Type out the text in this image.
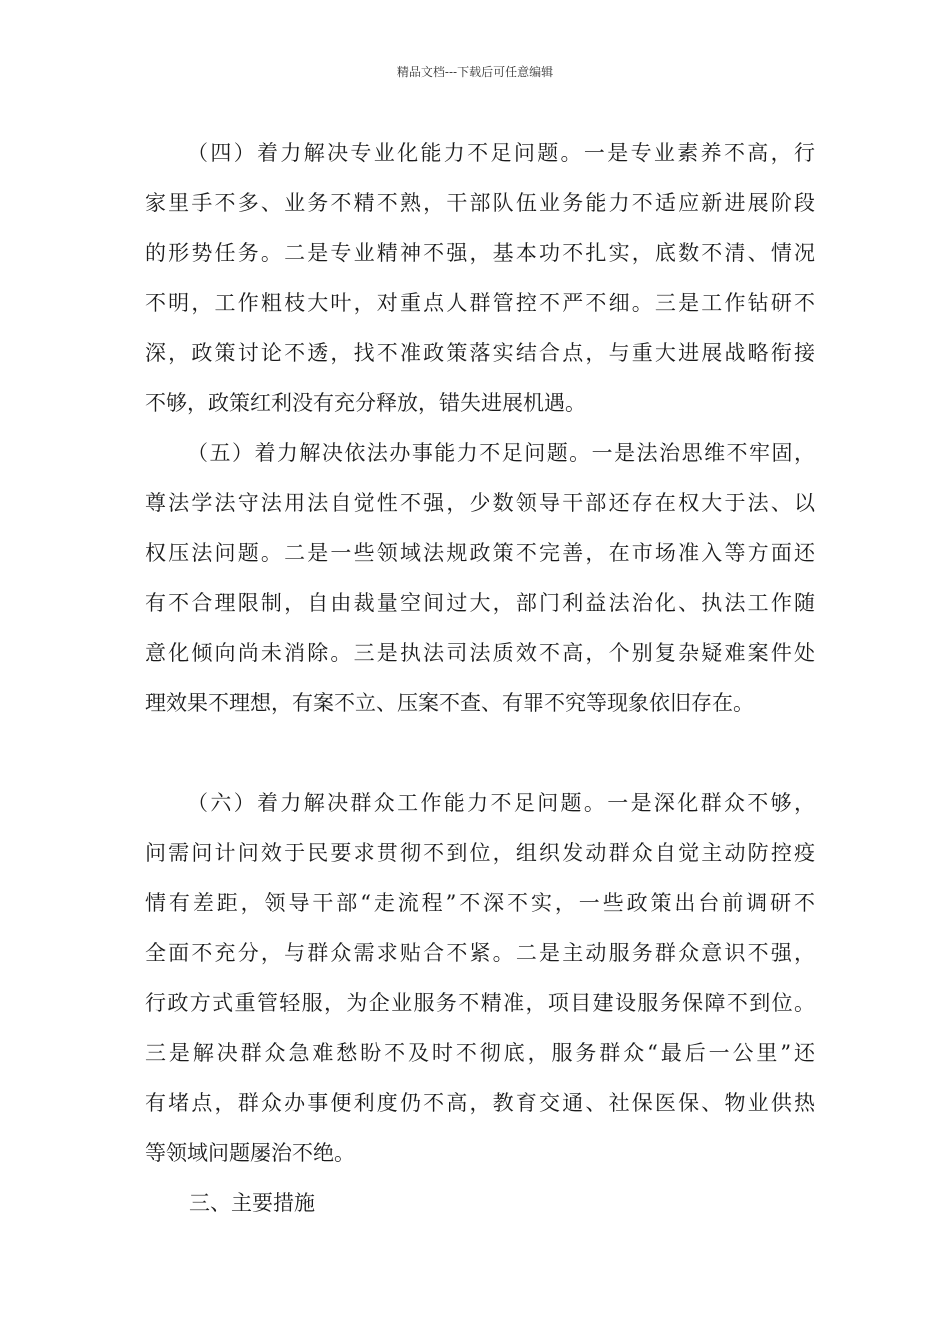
精品文档---下载后可任意编辑
（四）着力解决专业化能力不足问题。一是专业素养不高，行
家里手不多、业务不精不熟，干部队伍业务能力不适应新进展阶段
的形势任务。二是专业精神不强，基本功不扎实，底数不清、情况
不明，工作粗枝大叶，对重点人群管控不严不细。三是工作钻研不
深，政策讨论不透，找不准政策落实结合点，与重大进展战略衔接
不够，政策红利没有充分释放，错失进展机遇。
（五）着力解决依法办事能力不足问题。一是法治思维不牢固，
尊法学法守法用法自觉性不强，少数领导干部还存在权大于法、以
权压法问题。二是一些领域法规政策不完善，在市场准入等方面还
有不合理限制，自由裁量空间过大，部门利益法治化、执法工作随
意化倾向尚未消除。三是执法司法质效不高，个别复杂疑难案件处
理效果不理想，有案不立、压案不查、有罪不究等现象依旧存在。
（六）着力解决群众工作能力不足问题。一是深化群众不够，
问需问计问效于民要求贯彻不到位，组织发动群众自觉主动防控疫
情有差距，领导干部“走流程”不深不实，一些政策出台前调研不
全面不充分，与群众需求贴合不紧。二是主动服务群众意识不强，
行政方式重管轻服，为企业服务不精准，项目建设服务保障不到位。
三是解决群众急难愁盼不及时不彻底，服务群众“最后一公里”还
有堵点，群众办事便利度仍不高，教育交通、社保医保、物业供热
等领域问题屡治不绝。
三、主要措施
